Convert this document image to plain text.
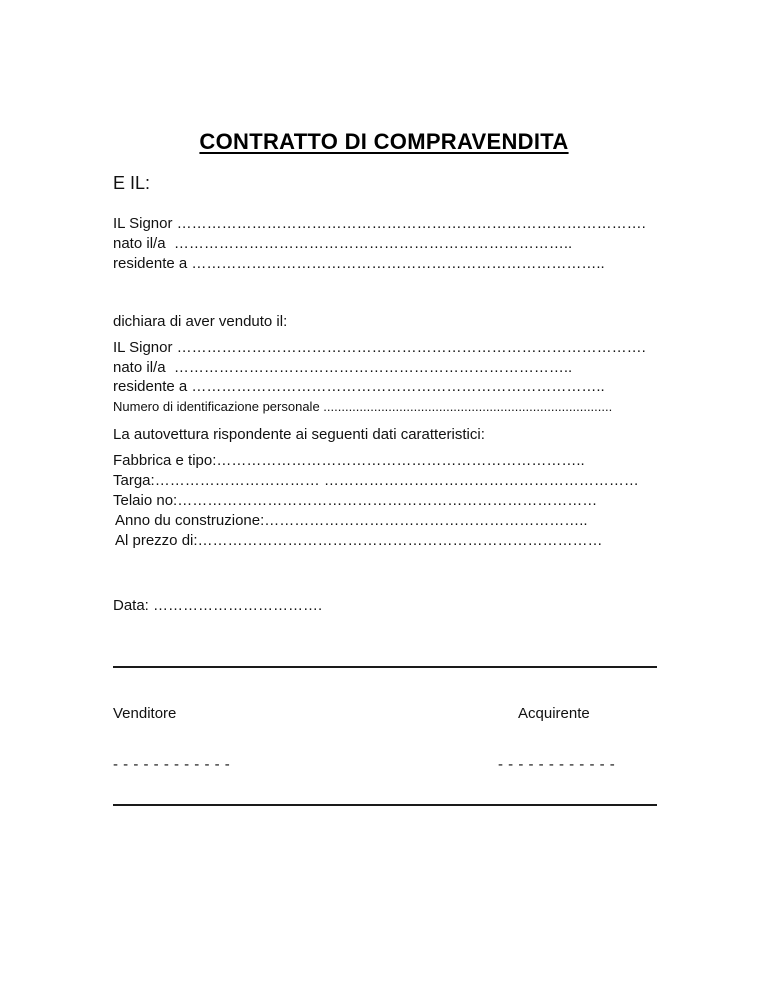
CONTRATTO DI COMPRAVENDITA
E IL:
IL Signor ………………………………………………………………………………….
nato il/a  ……………………………………………………………………..
residente a ………………………………………………………………………..
dichiara di aver venduto il:
IL Signor ………………………………………………………………………………….
nato il/a  ……………………………………………………………………..
residente a ………………………………………………………………………..
Numero di identificazione personale ................................................................................
La autovettura rispondente ai seguenti dati caratteristici:
Fabbrica e tipo:………………………………………………………………..
Targa:…………………………… ………………………………………………………
Telaio no:…………………………………………………………………………
Anno du construzione:………………………………………………………..
Al prezzo di:………………………………………………………………………
Data: …………………………….
Venditore	Acquirente
- - - - - - - - - - - -	- - - - - - - - - - - -
